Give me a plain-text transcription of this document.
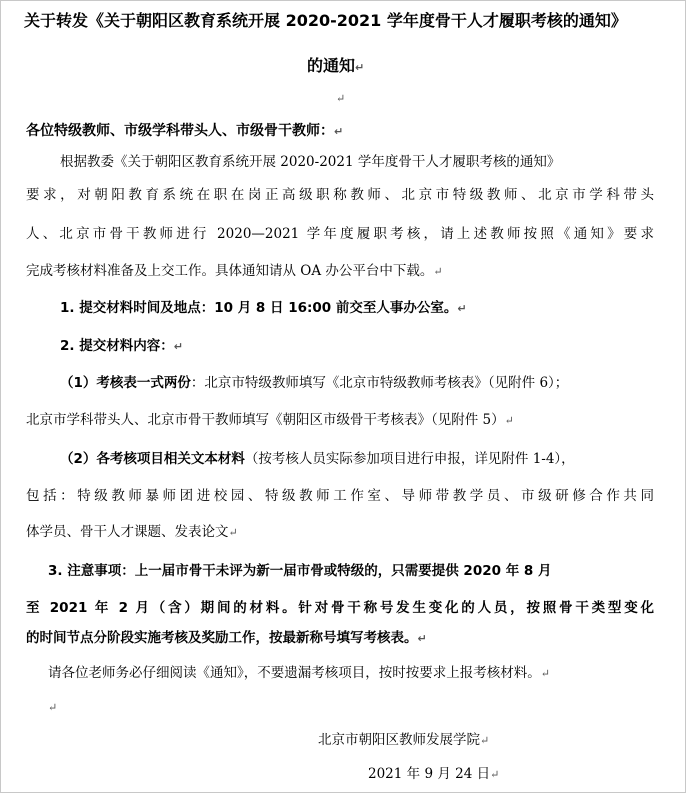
关于转发《关于朝阳区教育系统开展 2020-2021 学年度骨干人才履职考核的通知》
的通知↵
↵
各位特级教师、市级学科带头人、市级骨干教师：↵
根据教委《关于朝阳区教育系统开展 2020-2021 学年度骨干人才履职考核的通知》
要求，对朝阳教育系统在职在岗正高级职称教师、北京市特级教师、北京市学科带头
人、北京市骨干教师进行 2020—2021 学年度履职考核，请上述教师按照《通知》要求
完成考核材料准备及上交工作。具体通知请从 OA 办公平台中下载。↵
1. 提交材料时间及地点：10 月 8 日 16:00 前交至人事办公室。↵
2. 提交材料内容：↵
（1）考核表一式两份：北京市特级教师填写《北京市特级教师考核表》（见附件 6）；
北京市学科带头人、北京市骨干教师填写《朝阳区市级骨干考核表》（见附件 5）↵
（2）各考核项目相关文本材料（按考核人员实际参加项目进行申报，详见附件 1-4），
包括：特级教师暴师团进校园、特级教师工作室、导师带教学员、市级研修合作共同
体学员、骨干人才课题、发表论文↵
3. 注意事项：上一届市骨干未评为新一届市骨或特级的，只需要提供 2020 年 8 月
至 2021 年 2 月（含）期间的材料。针对骨干称号发生变化的人员，按照骨干类型变化
的时间节点分阶段实施考核及奖励工作，按最新称号填写考核表。↵
请各位老师务必仔细阅读《通知》，不要遗漏考核项目，按时按要求上报考核材料。↵
↵
北京市朝阳区教师发展学院↵
2021 年 9 月 24 日↵
